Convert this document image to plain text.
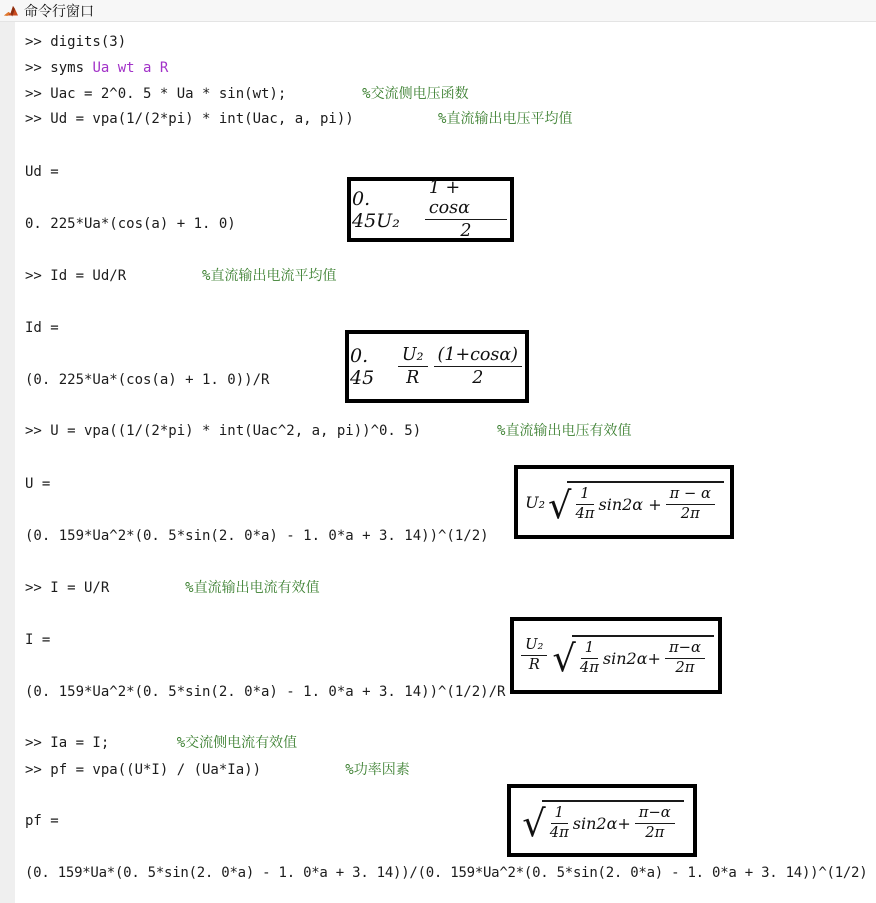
命令行窗口
>> digits(3)
>> syms Ua wt a R
>> Uac = 2^0. 5 * Ua * sin(wt);         %交流侧电压函数
>> Ud = vpa(1/(2*pi) * int(Uac, a, pi))          %直流输出电压平均值
Ud =
0. 225*Ua*(cos(a) + 1. 0)
>> Id = Ud/R         %直流输出电流平均值
Id =
(0. 225*Ua*(cos(a) + 1. 0))/R
>> U = vpa((1/(2*pi) * int(Uac^2, a, pi))^0. 5)         %直流输出电压有效值
U =
(0. 159*Ua^2*(0. 5*sin(2. 0*a) - 1. 0*a + 3. 14))^(1/2)
>> I = U/R         %直流输出电流有效值
I =
(0. 159*Ua^2*(0. 5*sin(2. 0*a) - 1. 0*a + 3. 14))^(1/2)/R
>> Ia = I;        %交流侧电流有效值
>> pf = vpa((U*I) / (Ua*Ia))          %功率因素
pf =
(0. 159*Ua*(0. 5*sin(2. 0*a) - 1. 0*a + 3. 14))/(0. 159*Ua^2*(0. 5*sin(2. 0*a) - 1. 0*a + 3. 14))^(1/2)
0. 45U₂	$\frac{1 + \cos\alpha}{2}$
0. 45	$\frac{\text{U₂}}{R} \frac{(1+\cos\alpha)}{2}$
U₂ √ $\frac{1}{4\pi} \sin 2\alpha + \frac{\pi - \alpha}{2\pi}$
$\frac{\text{U₂}}{R}$ √ $\frac{1}{4\pi} \sin 2\alpha+ \frac{\pi-\alpha}{2\pi}$
√ $\frac{1}{4\pi} \sin 2\alpha+ \frac{\pi-\alpha}{2\pi}$
